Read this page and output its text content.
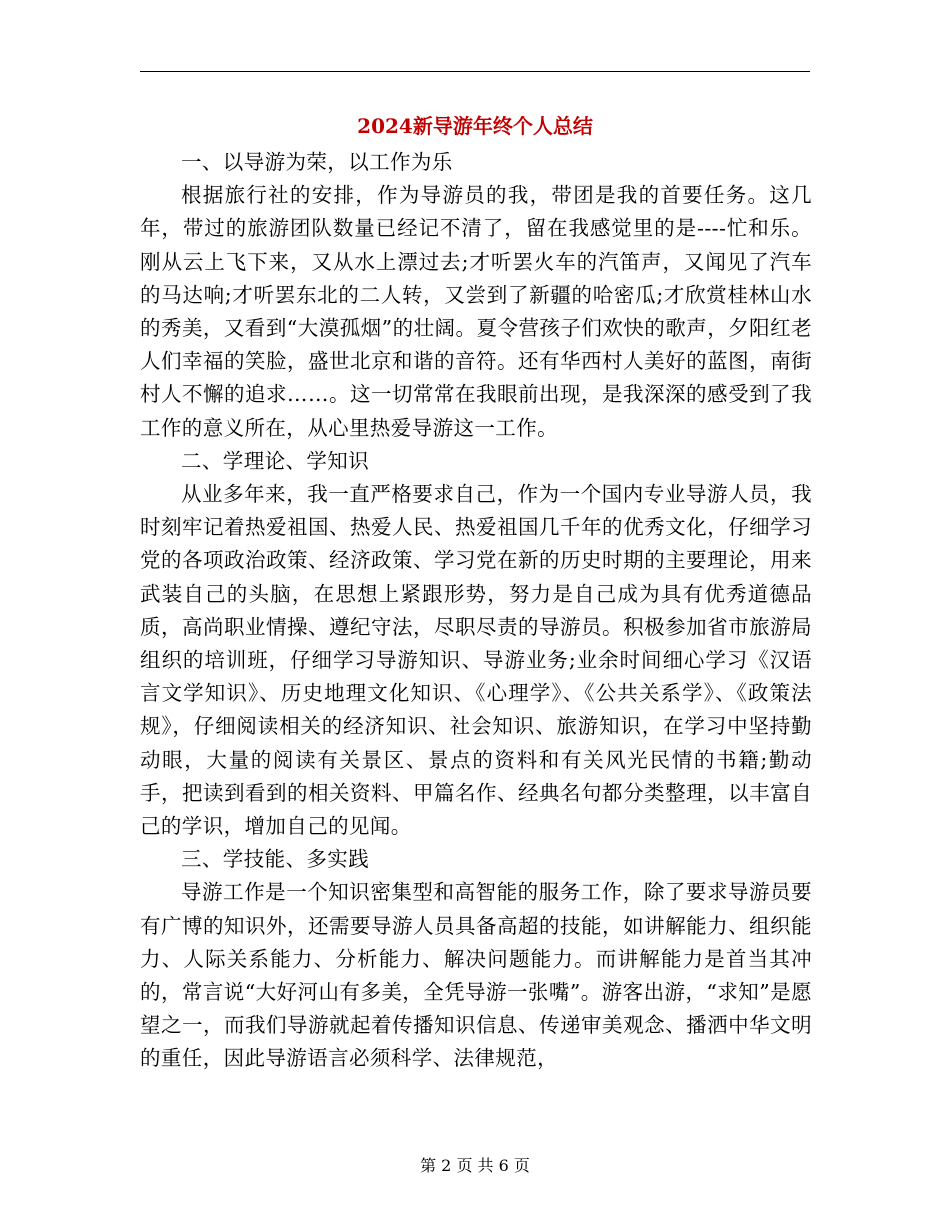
2024新导游年终个人总结

一、以导游为荣，以工作为乐

根据旅行社的安排，作为导游员的我，带团是我的首要任务。这几年，带过的旅游团队数量已经记不清了，留在我感觉里的是----忙和乐。刚从云上飞下来，又从水上漂过去;才听罢火车的汽笛声，又闻见了汽车的马达响;才听罢东北的二人转，又尝到了新疆的哈密瓜;才欣赏桂林山水的秀美，又看到“大漠孤烟”的壮阔。夏令营孩子们欢快的歌声，夕阳红老人们幸福的笑脸，盛世北京和谐的音符。还有华西村人美好的蓝图，南街村人不懈的追求……。这一切常常在我眼前出现，是我深深的感受到了我工作的意义所在，从心里热爱导游这一工作。

二、学理论、学知识

从业多年来，我一直严格要求自己，作为一个国内专业导游人员，我时刻牢记着热爱祖国、热爱人民、热爱祖国几千年的优秀文化，仔细学习党的各项政治政策、经济政策、学习党在新的历史时期的主要理论，用来武装自己的头脑，在思想上紧跟形势，努力是自己成为具有优秀道德品质，高尚职业情操、遵纪守法，尽职尽责的导游员。积极参加省市旅游局组织的培训班，仔细学习导游知识、导游业务;业余时间细心学习《汉语言文学知识》、历史地理文化知识、《心理学》、《公共关系学》、《政策法规》，仔细阅读相关的经济知识、社会知识、旅游知识，在学习中坚持勤动眼，大量的阅读有关景区、景点的资料和有关风光民情的书籍;勤动手，把读到看到的相关资料、甲篇名作、经典名句都分类整理，以丰富自己的学识，增加自己的见闻。

三、学技能、多实践

导游工作是一个知识密集型和高智能的服务工作，除了要求导游员要有广博的知识外，还需要导游人员具备高超的技能，如讲解能力、组织能力、人际关系能力、分析能力、解决问题能力。而讲解能力是首当其冲的，常言说“大好河山有多美，全凭导游一张嘴”。游客出游，“求知”是愿望之一，而我们导游就起着传播知识信息、传递审美观念、播洒中华文明的重任，因此导游语言必须科学、法律规范，

第 2 页 共 6 页
